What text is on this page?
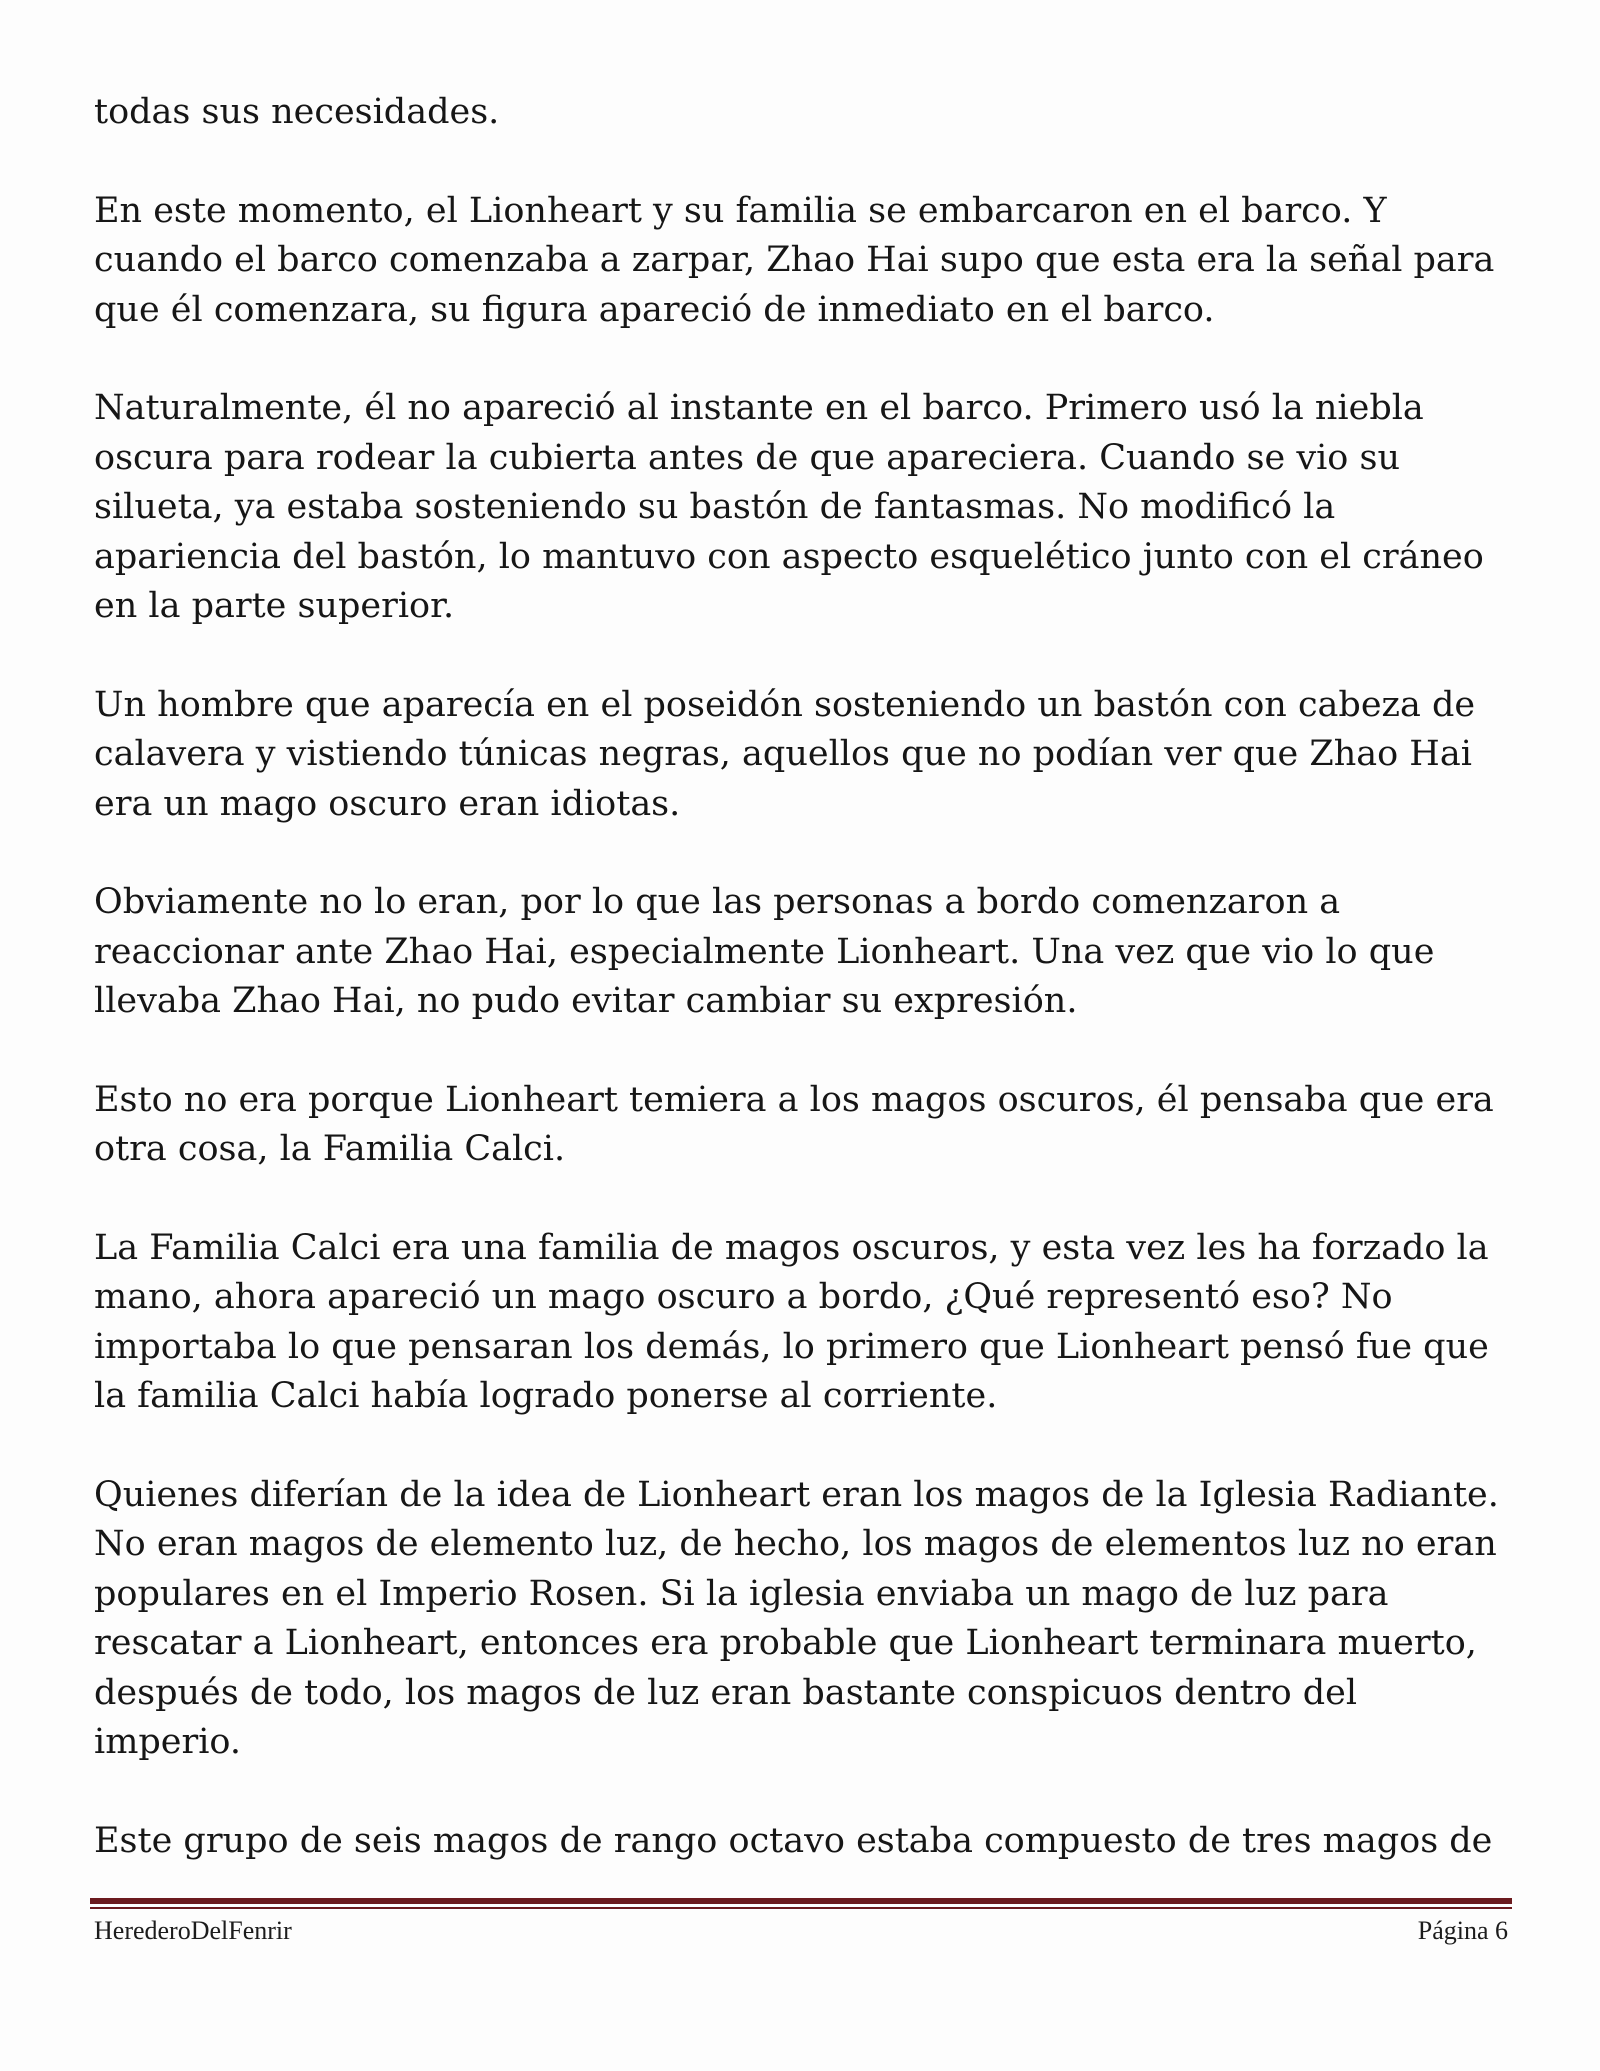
todas sus necesidades.

En este momento, el Lionheart y su familia se embarcaron en el barco. Y cuando el barco comenzaba a zarpar, Zhao Hai supo que esta era la señal para que él comenzara, su figura apareció de inmediato en el barco.

Naturalmente, él no apareció al instante en el barco. Primero usó la niebla oscura para rodear la cubierta antes de que apareciera. Cuando se vio su silueta, ya estaba sosteniendo su bastón de fantasmas. No modificó la apariencia del bastón, lo mantuvo con aspecto esquelético junto con el cráneo en la parte superior.

Un hombre que aparecía en el poseidón sosteniendo un bastón con cabeza de calavera y vistiendo túnicas negras, aquellos que no podían ver que Zhao Hai era un mago oscuro eran idiotas.

Obviamente no lo eran, por lo que las personas a bordo comenzaron a reaccionar ante Zhao Hai, especialmente Lionheart. Una vez que vio lo que llevaba Zhao Hai, no pudo evitar cambiar su expresión.

Esto no era porque Lionheart temiera a los magos oscuros, él pensaba que era otra cosa, la Familia Calci.

La Familia Calci era una familia de magos oscuros, y esta vez les ha forzado la mano, ahora apareció un mago oscuro a bordo, ¿Qué representó eso? No importaba lo que pensaran los demás, lo primero que Lionheart pensó fue que la familia Calci había logrado ponerse al corriente.

Quienes diferían de la idea de Lionheart eran los magos de la Iglesia Radiante. No eran magos de elemento luz, de hecho, los magos de elementos luz no eran populares en el Imperio Rosen. Si la iglesia enviaba un mago de luz para rescatar a Lionheart, entonces era probable que Lionheart terminara muerto, después de todo, los magos de luz eran bastante conspicuos dentro del imperio.

Este grupo de seis magos de rango octavo estaba compuesto de tres magos de

HerederoDelFenrir	Página 6
